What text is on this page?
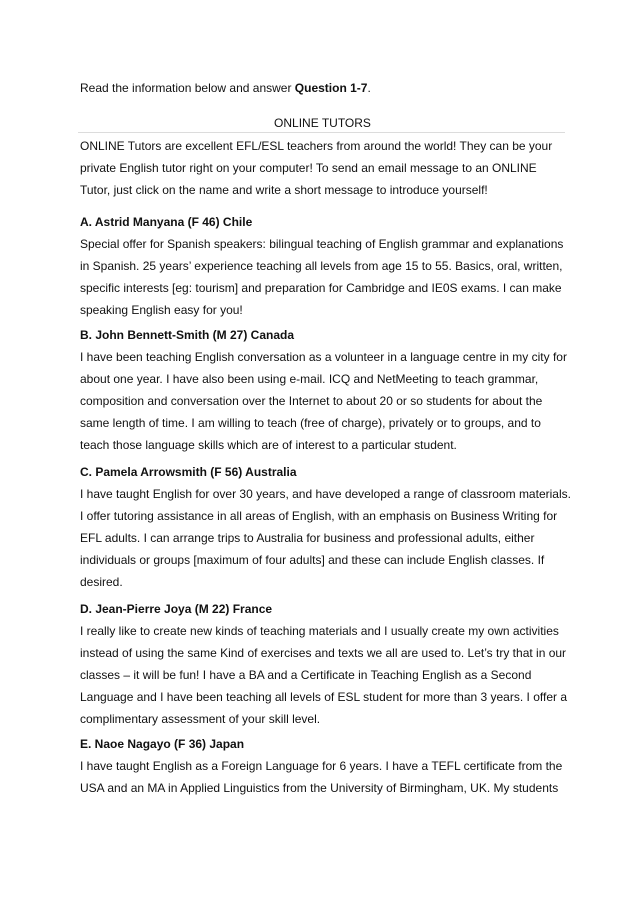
Read the information below and answer Question 1-7.
ONLINE TUTORS
ONLINE Tutors are excellent EFL/ESL teachers from around the world! They can be your
private English tutor right on your computer! To send an email message to an ONLINE
Tutor, just click on the name and write a short message to introduce yourself!
A. Astrid Manyana (F 46) Chile
Special offer for Spanish speakers: bilingual teaching of English grammar and explanations
in Spanish. 25 years’ experience teaching all levels from age 15 to 55. Basics, oral, written,
specific interests [eg: tourism] and preparation for Cambridge and IE0S exams. I can make
speaking English easy for you!
B. John Bennett-Smith (M 27) Canada
I have been teaching English conversation as a volunteer in a language centre in my city for
about one year. I have also been using e-mail. ICQ and NetMeeting to teach grammar,
composition and conversation over the Internet to about 20 or so students for about the
same length of time. I am willing to teach (free of charge), privately or to groups, and to
teach those language skills which are of interest to a particular student.
C. Pamela Arrowsmith (F 56) Australia
I have taught English for over 30 years, and have developed a range of classroom materials.
I offer tutoring assistance in all areas of English, with an emphasis on Business Writing for
EFL adults. I can arrange trips to Australia for business and professional adults, either
individuals or groups [maximum of four adults] and these can include English classes. If
desired.
D. Jean-Pierre Joya (M 22) France
I really like to create new kinds of teaching materials and I usually create my own activities
instead of using the same Kind of exercises and texts we all are used to. Let’s try that in our
classes – it will be fun! I have a BA and a Certificate in Teaching English as a Second
Language and I have been teaching all levels of ESL student for more than 3 years. I offer a
complimentary assessment of your skill level.
E. Naoe Nagayo (F 36) Japan
I have taught English as a Foreign Language for 6 years. I have a TEFL certificate from the
USA and an MA in Applied Linguistics from the University of Birmingham, UK. My students
